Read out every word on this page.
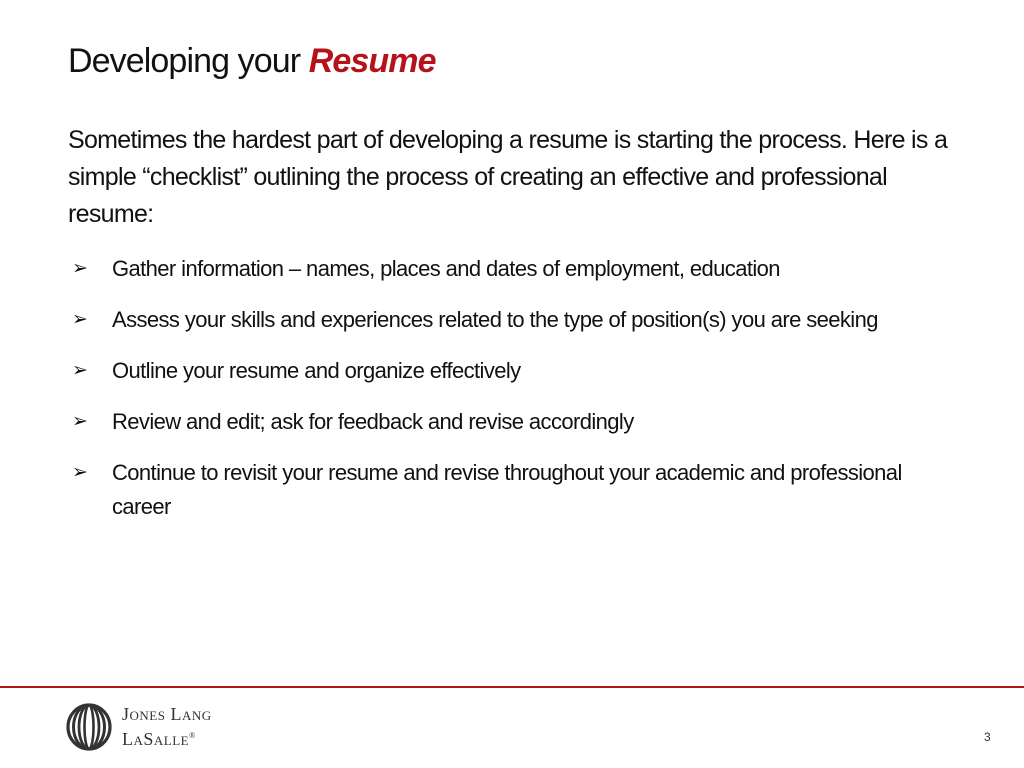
Developing your Resume

Sometimes the hardest part of developing a resume is starting the process. Here is a simple “checklist” outlining the process of creating an effective and professional resume:

➢	Gather information – names, places and dates of employment, education
➢	Assess your skills and experiences related to the type of position(s) you are seeking
➢	Outline your resume and organize effectively
➢	Review and edit; ask for feedback and revise accordingly
➢	Continue to revisit your resume and revise throughout your academic and professional career
Jones Lang
LaSalle®	3
